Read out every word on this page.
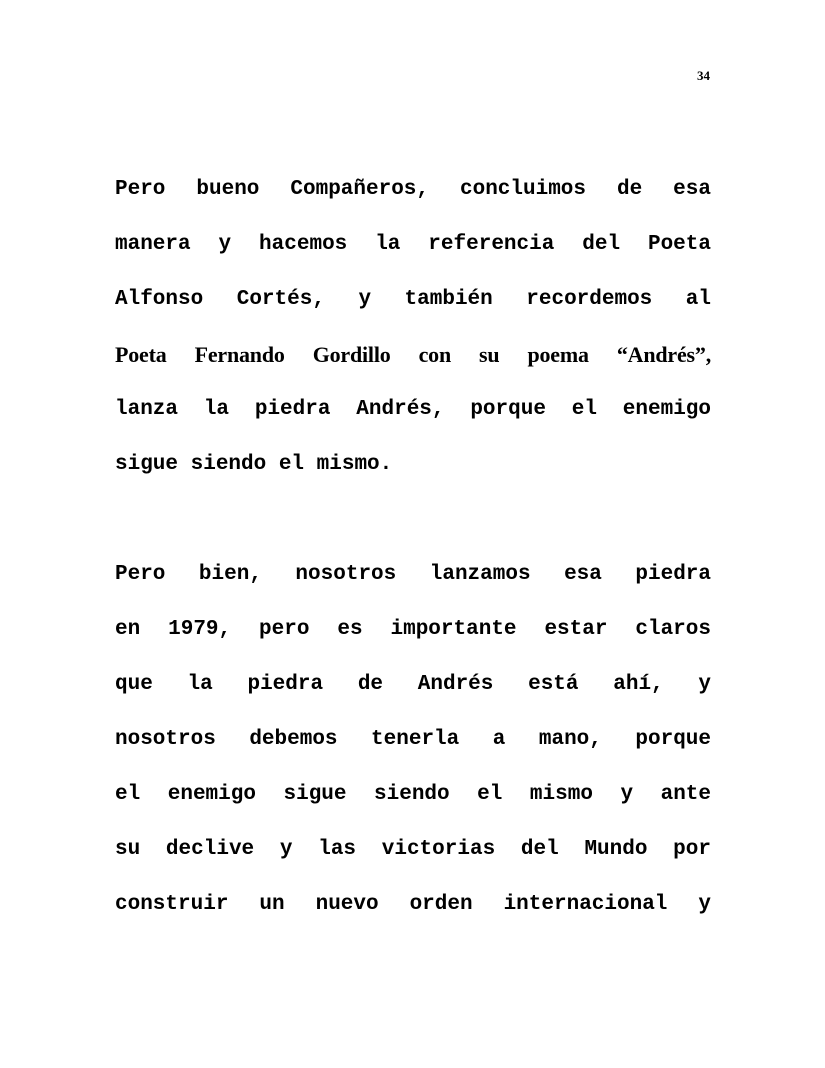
34
Pero bueno Compañeros, concluimos de esa
manera y hacemos la referencia del Poeta
Alfonso Cortés, y también recordemos al
Poeta Fernando Gordillo con su poema “Andrés”,
lanza la piedra Andrés, porque el enemigo
sigue siendo el mismo.
Pero bien, nosotros lanzamos esa piedra
en 1979, pero es importante estar claros
que la piedra de Andrés está ahí, y
nosotros debemos tenerla a mano, porque
el enemigo sigue siendo el mismo y ante
su declive y las victorias del Mundo por
construir un nuevo orden internacional y
